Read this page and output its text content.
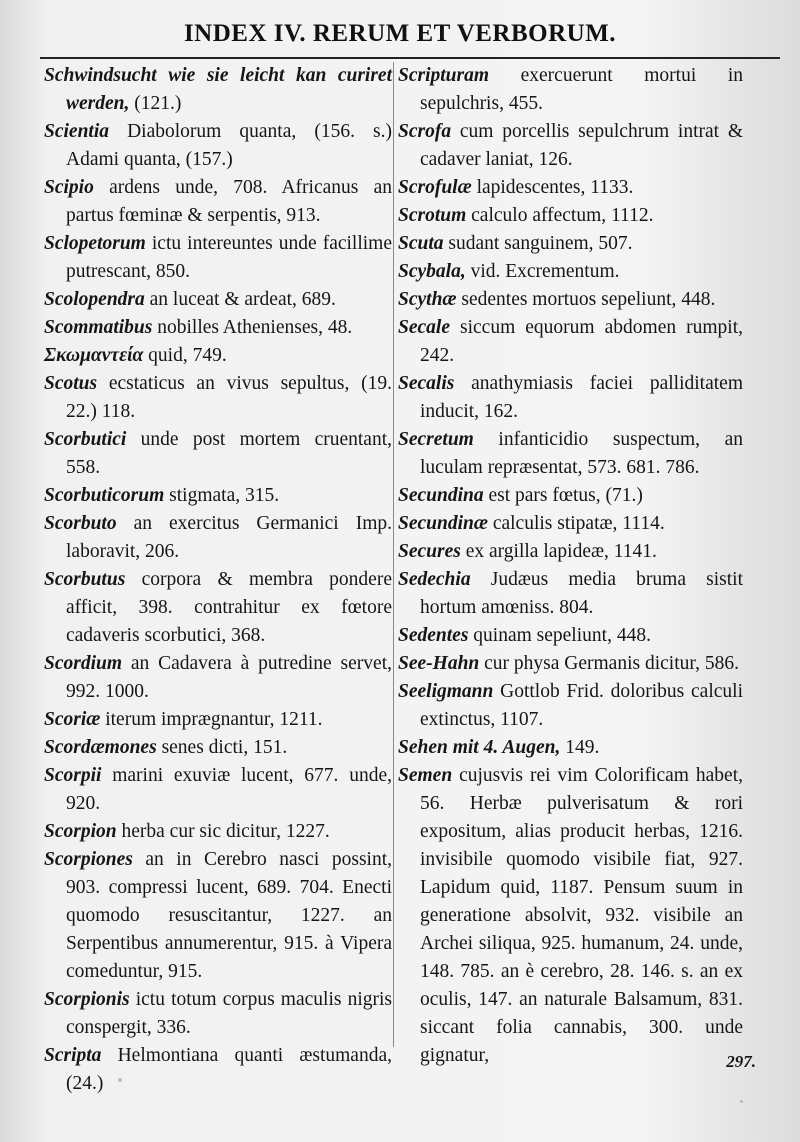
INDEX IV. RERUM ET VERBORUM.
Schwindsucht wie sie leicht kan curiret werden, (121.)
Scientia Diabolorum quanta, (156. s.) Adami quanta, (157.)
Scipio ardens unde, 708. Africanus an partus fœminæ & serpentis, 913.
Sclopetorum ictu intereuntes unde facillime putrescant, 850.
Scolopendra an luceat & ardeat, 689.
Scommatibus nobilles Athenienses, 48.
Σκωμαντεία quid, 749.
Scotus ecstaticus an vivus sepultus, (19. 22.) 118.
Scorbutici unde post mortem cruentant, 558.
Scorbuticorum stigmata, 315.
Scorbuto an exercitus Germanici Imp. laboravit, 206.
Scorbutus corpora & membra pondere afficit, 398. contrahitur ex fœtore cadaveris scorbutici, 368.
Scordium an Cadavera à putredine servet, 992. 1000.
Scoriæ iterum imprægnantur, 1211.
Scordæmones senes dicti, 151.
Scorpii marini exuviæ lucent, 677. unde, 920.
Scorpion herba cur sic dicitur, 1227.
Scorpiones an in Cerebro nasci possint, 903. compressi lucent, 689. 704. Enecti quomodo resuscitantur, 1227. an Serpentibus annumerentur, 915. à Vipera comeduntur, 915.
Scorpionis ictu totum corpus maculis nigris conspergit, 336.
Scripta Helmontiana quanti æstumanda, (24.)
Scripturam exercuerunt mortui in sepulchris, 455.
Scrofa cum porcellis sepulchrum intrat & cadaver laniat, 126.
Scrofulæ lapidescentes, 1133.
Scrotum calculo affectum, 1112.
Scuta sudant sanguinem, 507.
Scybala, vid. Excrementum.
Scythæ sedentes mortuos sepeliunt, 448.
Secale siccum equorum abdomen rumpit, 242.
Secalis anathymiasis faciei palliditatem inducit, 162.
Secretum infanticidio suspectum, an luculam repræsentat, 573. 681. 786.
Secundina est pars fœtus, (71.)
Secundinæ calculis stipatæ, 1114.
Secures ex argilla lapideæ, 1141.
Sedechia Judæus media bruma sistit hortum amœniss. 804.
Sedentes quinam sepeliunt, 448.
See-Hahn cur physa Germanis dicitur, 586.
Seeligmann Gottlob Frid. doloribus calculi extinctus, 1107.
Sehen mit 4. Augen, 149.
Semen cujusvis rei vim Colorificam habet, 56. Herbæ pulverisatum & rori expositum, alias producit herbas, 1216. invisibile quomodo visibile fiat, 927. Lapidum quid, 1187. Pensum suum in generatione absolvit, 932. visibile an Archei siliqua, 925. humanum, 24. unde, 148. 785. an è cerebro, 28. 146. s. an ex oculis, 147. an naturale Balsamum, 831. siccant folia cannabis, 300. unde gignatur,	297.
